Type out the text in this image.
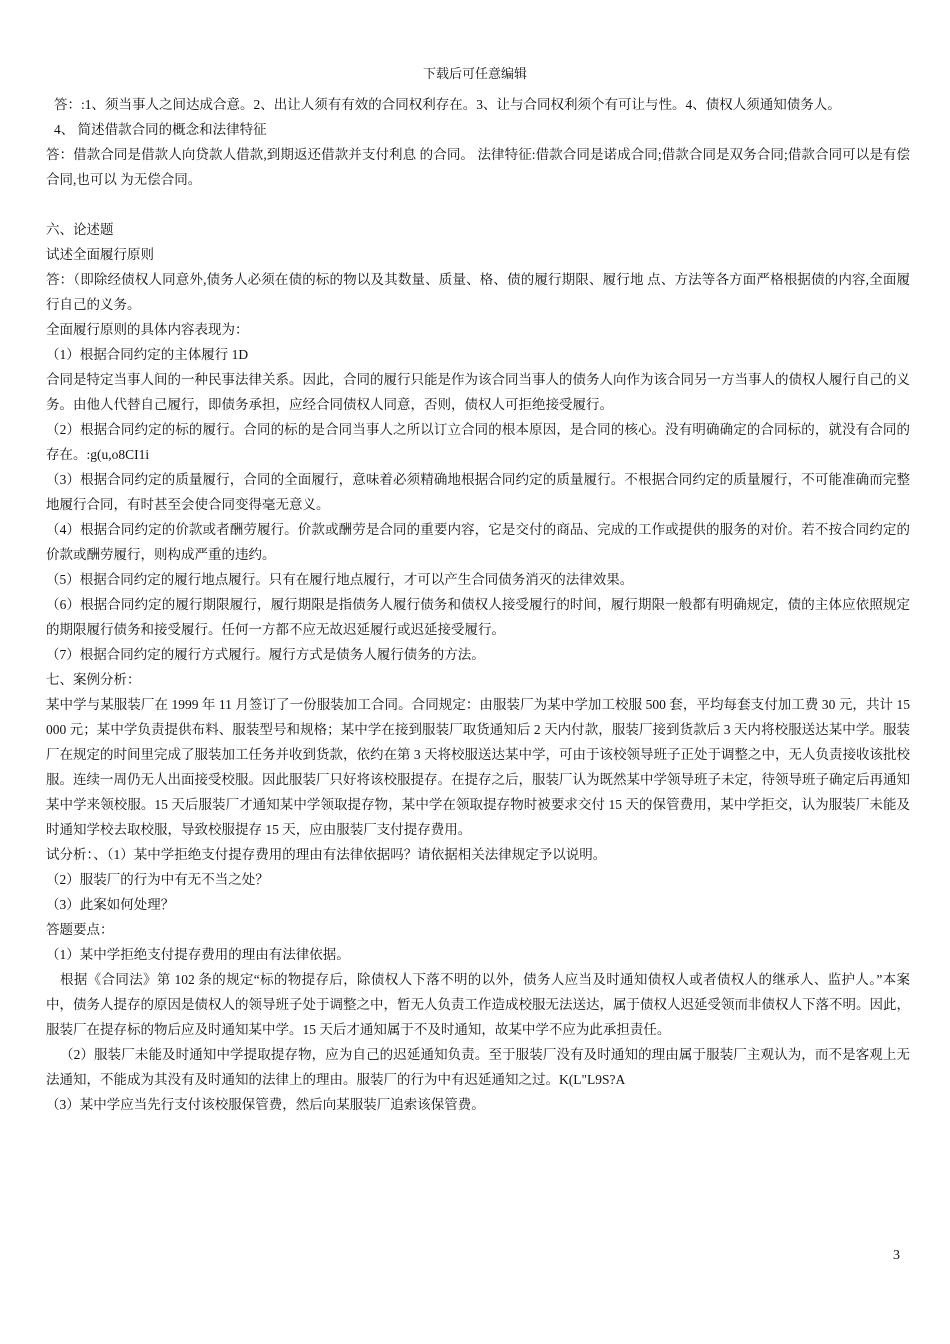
下载后可任意编辑

答：:1、须当事人之间达成合意。2、出让人须有有效的合同权利存在。3、让与合同权利须个有可让与性。4、债权人须通知债务人。

4、 简述借款合同的概念和法律特征

答：借款合同是借款人向贷款人借款,到期返还借款并支付利息 的合同。 法律特征:借款合同是诺成合同;借款合同是双务合同;借款合同可以是有偿合同,也可以 为无偿合同。

六、论述题

试述全面履行原则

答：（即除经债权人同意外,债务人必须在债的标的物以及其数量、质量、格、债的履行期限、履行地 点、方法等各方面严格根据债的内容,全面履行自己的义务。

全面履行原则的具体内容表现为：

（1）根据合同约定的主体履行 1D

合同是特定当事人间的一种民事法律关系。因此，合同的履行只能是作为该合同当事人的债务人向作为该合同另一方当事人的债权人履行自己的义务。由他人代替自己履行，即债务承担，应经合同债权人同意，否则，债权人可拒绝接受履行。

（2）根据合同约定的标的履行。合同的标的是合同当事人之所以订立合同的根本原因，是合同的核心。没有明确确定的合同标的，就没有合同的存在。:g(u,o8CI1i

（3）根据合同约定的质量履行，合同的全面履行，意味着必须精确地根据合同约定的质量履行。不根据合同约定的质量履行，不可能准确而完整地履行合同，有时甚至会使合同变得毫无意义。

（4）根据合同约定的价款或者酬劳履行。价款或酬劳是合同的重要内容，它是交付的商品、完成的工作或提供的服务的对价。若不按合同约定的价款或酬劳履行，则构成严重的违约。

（5）根据合同约定的履行地点履行。只有在履行地点履行，才可以产生合同债务消灭的法律效果。

（6）根据合同约定的履行期限履行，履行期限是指债务人履行债务和债权人接受履行的时间，履行期限一般都有明确规定，债的主体应依照规定的期限履行债务和接受履行。任何一方都不应无故迟延履行或迟延接受履行。

（7）根据合同约定的履行方式履行。履行方式是债务人履行债务的方法。

七、案例分析：

某中学与某服装厂在 1999 年 11 月签订了一份服装加工合同。合同规定：由服装厂为某中学加工校服 500 套，平均每套支付加工费 30 元，共计 15000 元；某中学负责提供布料、服装型号和规格；某中学在接到服装厂取货通知后 2 天内付款，服装厂接到货款后 3 天内将校服送达某中学。服装厂在规定的时间里完成了服装加工任务并收到货款，依约在第 3 天将校服送达某中学，可由于该校领导班子正处于调整之中，无人负责接收该批校服。连续一周仍无人出面接受校服。因此服装厂只好将该校服提存。在提存之后，服装厂认为既然某中学领导班子未定，待领导班子确定后再通知某中学来领校服。15 天后服装厂才通知某中学领取提存物，某中学在领取提存物时被要求交付 15 天的保管费用，某中学拒交，认为服装厂未能及时通知学校去取校服，导致校服提存 15 天，应由服装厂支付提存费用。

试分析：、（1）某中学拒绝支付提存费用的理由有法律依据吗？请依据相关法律规定予以说明。

（2）服装厂的行为中有无不当之处？

（3）此案如何处理？

答题要点：

（1）某中学拒绝支付提存费用的理由有法律依据。

根据《合同法》第 102 条的规定“标的物提存后，除债权人下落不明的以外，债务人应当及时通知债权人或者债权人的继承人、监护人。”本案中，债务人提存的原因是债权人的领导班子处于调整之中，暂无人负责工作造成校服无法送达，属于债权人迟延受领而非债权人下落不明。因此，服装厂在提存标的物后应及时通知某中学。15 天后才通知属于不及时通知，故某中学不应为此承担责任。

（2）服装厂未能及时通知中学提取提存物，应为自己的迟延通知负责。至于服装厂没有及时通知的理由属于服装厂主观认为，而不是客观上无法通知，不能成为其没有及时通知的法律上的理由。服装厂的行为中有迟延通知之过。K(L"L9S?A

（3）某中学应当先行支付该校服保管费，然后向某服装厂追索该保管费。

3
